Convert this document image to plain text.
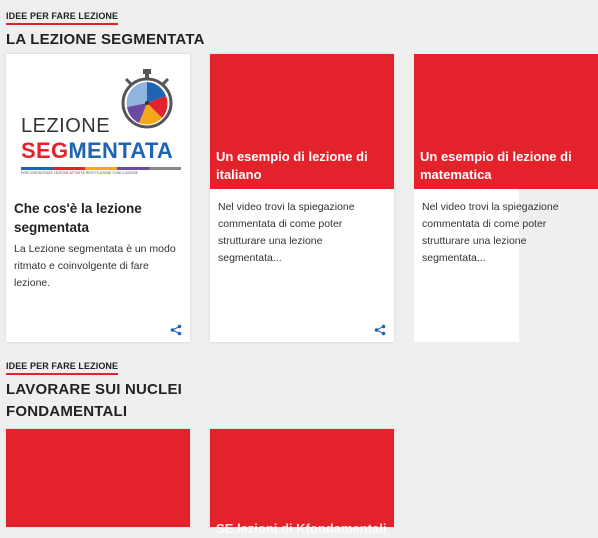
IDEE PER FARE LEZIONE
LA LEZIONE SEGMENTATA
LEZIONE
SEGMENTATA
PRECONOSCENZE LEZIONE ATTIVITÀ RESTITUZIONE CONCLUSIONE
Che cos'è la lezione segmentata
La Lezione segmentata è un modo ritmato e coinvolgente di fare lezione.
Un esempio di lezione di italiano
Nel video trovi la spiegazione commentata di come poter strutturare una lezione segmentata...
Un esempio di lezione di matematica
Nel video trovi la spiegazione commentata di come poter strutturare una lezione segmentata...
IDEE PER FARE LEZIONE
LAVORARE SUI NUCLEI
FONDAMENTALI
SE lezioni di Kfondamentali
